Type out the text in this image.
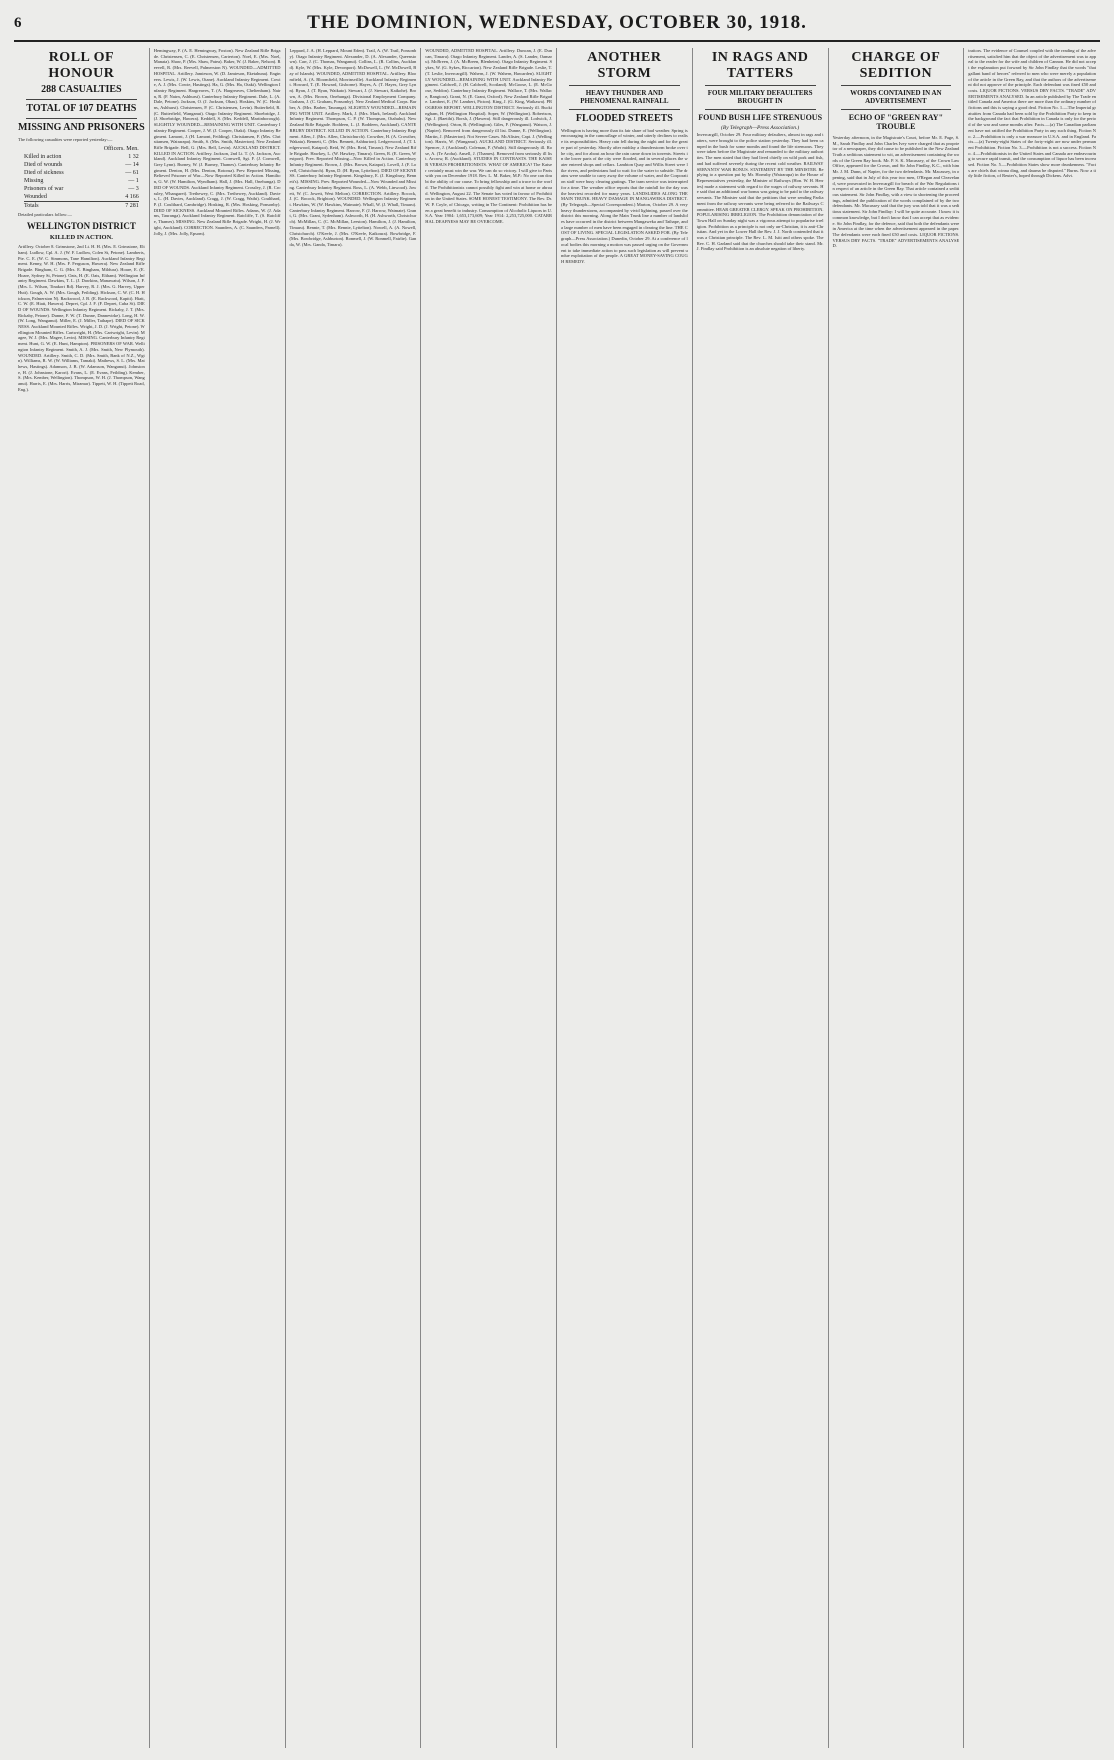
6	THE DOMINION, WEDNESDAY, OCTOBER 30, 1918.
ROLL OF HONOUR
288 CASUALTIES
TOTAL OF 107 DEATHS
MISSING AND PRISONERS
The following casualties were reported yesterday:—
Officers. Men.
Killed in action	1 32
Died of wounds	— 14
Died of sickness	— 61
Missing	— 1
Prisoners of war	— 3
Wounded	4 166
Totals	7 281
Detailed particulars follow:—
WELLINGTON DISTRICT
KILLED IN ACTION.
Artillery. October 8. Grimstone, 2nd Lt. H. H. (Mrs. E. Grimstone, Eltham). Ludlow, Cpl. A. J. (W. F. Ludlow, Colen St, Petone). Lamberts, Pte. C. E. (W. C. Simmons, Tane Hamilton). Auckland Infantry Regiment. Kenny, W. H. (Mrs. F. Ferguson, Huwera). New Zealand Rifle Brigade. Bingham, C. G. (Mrs. E. Bingham, Mildura). Hoare, E. (E. Hoare, Sydney St, Petone). Oats, H. (E. Oats, Eltham). Wellington Infantry Regiment. Dawkins, T. L. (J. Dawkins, Manawatu). Wilson, J. F. (Mrs. L. Wilson, Tinakori Rd). Harvey, R. J. (Mrs. G. Harvey, Upper Hutt). Gough, A. W. (Mrs. Gough, Feilding). Hickson, C. W. (C. H. Hickson, Palmerston N). Rackwood, J. B. (E. Rackwood, Kapiti). Hiatt, C. W. (E. Hiatt, Hawera). Depret, Cpl. J. F. (F. Depret, Cuba St). DIED OF WOUNDS. Wellington Infantry Regiment. Rickaby, J. T. (Mrs. Rickaby, Petone). Dunne, F. W. (T. Dunne, Dannevirke). Long, H. W. (W. Long, Wanganui). Miller, E. (J. Miller, Taihape). DIED OF SICKNESS. Auckland Mounted Rifles. Wright, J. D. (J. Wright, Petone). Wellington Mounted Rifles. Cartwright, H. (Mrs. Cartwright, Levin). Magee, W. J. (Mrs. Magee, Levin). MISSING. Canterbury Infantry Regiment. Hunt, G. W. (E. Hunt, Hampton). PRISONERS OF WAR. Wellington Infantry Regiment. Smith, A. J. (Mrs. Smith, New Plymouth). WOUNDED. Artillery. Smith, C. D. (Mrs. Smith, Bank of N.Z., Wgtn). Williams, R. W. (W. Williams, Tamaki). Mathews, S. L. (Mrs. Mathews, Hastings). Adamson, J. B. (W. Adamson, Wanganui). Johnstone, H. (J. Johnstone, Karori). Evans, L. (E. Evans, Feilding). Kember, S. (Mrs. Kember, Wellington). Thompson, W. H. (J. Thompson, Wanganui). Harris, E. (Mrs. Harris, Miramar). Tippett, W. H. (Tippett Road, Eng.).
Hemingway, F. (A. E. Hemingway, Foxton). New Zealand Rifle Brigade. Christensen, C. (E. Christensen, Carterton). Noel, E. (Mrs. Noel, Manaia). Shaw, P. (Mrs. Shaw, Patea). Baker, W. (J. Baker, Nelson). Reevell, R. (Mrs. Reevell, Palmerston N). WOUNDED—ADMITTED HOSPITAL. Artillery. Jamieson, W. (D. Jamieson, Eketahuna). Engineers. Lewis, J. (W. Lewis, Otane). Auckland Infantry Regiment. Cowie, A. J. (Mrs. Cowie, Hastings). Ha, G. (Mrs. Ha, Otaki). Wellington Infantry Regiment. Hargreaves, T. (A. Hargreaves, Cheltenham). Nairn, R. (F. Nairn, Ashhurst). Canterbury Infantry Regiment. Dale, L. (A. Dale, Petone). Jackson, O. (J. Jackson, Ohau). Hoskins, W. (C. Hoskins, Ashhurst). Christensen, P. (C. Christensen, Levin). Butterfield, R. (C. Butterfield, Wanganui). Otago Infantry Regiment. Shoebridge, J. (J. Shoebridge, Hawera). Keddell, S. (Mrs. Keddell, Martinborough). SLIGHTLY WOUNDED—REMAINING WITH UNIT. Canterbury Infantry Regiment. Cooper, J. W. (J. Cooper, Otaki). Otago Infantry Regiment. Lamont, J. (H. Lamont, Feilding). Christiansen, F. (Mrs. Christiansen, Wairarapa). Smith, S. (Mrs. Smith, Masterton). New Zealand Rifle Brigade. Bell, G. (Mrs. Bell, Levin). AUCKLAND DISTRICT. KILLED IN ACTION. Artillery. Jackson, 2nd Lt. T. (A. Jackson, Auckland). Auckland Infantry Regiment. Cornwell, Sgt. F. (J. Cornwell, Grey Lynn). Burney, W. (J. Burney, Thames). Canterbury Infantry Regiment. Denton, H. (Mrs. Denton, Rotorua). Prev. Reported Missing, Believed Prisoner of War—Now Reported Killed in Action. Hamilton, G. W. (W. Hamilton, Wyndham). Hall, J. (Mrs. Hall, Onehunga). DIED OF WOUNDS. Auckland Infantry Regiment. Crossley, J. (R. Crossley, Whangarei). Trethewey, C. (Mrs. Trethewey, Auckland). Davies, L. (H. Davies, Auckland). Cragg, J. (W. Cragg, Waihi). Coulthard, P. (J. Coulthard, Cambridge). Hosking, R. (Mrs. Hosking, Ponsonby). DIED OF SICKNESS. Auckland Mounted Rifles. Adams, W. (J. Adams, Tauranga). Auckland Infantry Regiment. Ratcliffe, T. (S. Ratcliffe, Thames). MISSING. New Zealand Rifle Brigade. Wright, H. (J. Wright, Auckland). CORRECTION. Saunders, A. (C. Saunders, Parnell). Jolly, J. (Mrs. Jolly, Epsom).
Leppard, J. A. (H. Leppard, Mount Eden). Trail, A. (W. Trail, Ponsonby). Otago Infantry Regiment. Alexander, D. (A. Alexander, Queenstown). Carr, J. (C. Thomas, Wanganui). Collins, L. (R. Collins, Auckland). Kyle, W. (Mrs. Kyle, Devonport). McDowell, L. (W. McDowell, Bay of Islands). WOUNDED, ADMITTED HOSPITAL. Artillery. Bloomfield, A. (A. Bloomfield, Morrinsville). Auckland Infantry Regiment. Howard, T. (E. Howard, Gisborne). Hayes, A. (T. Hayes, Grey Lynn). Ryan, J. (T. Ryan, Waikato). Stewart, J. (J. Stewart, Kaikohe). Brown, A. (Mrs. Brown, Onehunga). Divisional Employment Company. Graham, J. (C. Graham, Ponsonby). New Zealand Medical Corps. Barber, A. (Mrs. Barber, Tauranga). SLIGHTLY WOUNDED—REMAINING WITH UNIT. Artillery. Mark, J. (Mrs. Mark, Ireland). Auckland Infantry Regiment. Thompson, C. P. (W. Thompson, Otahuhu). New Zealand Rifle Brigade. Boddeen, L. (J. Boddeen, Auckland). CANTERBURY DISTRICT. KILLED IN ACTION. Canterbury Infantry Regiment. Allen, J. (Mrs. Allen, Christchurch). Crowther, H. (A. Crowther, Wakatu). Bennett, C. (Mrs. Bennett, Ashburton). Ledgerwood, J. (T. Ledgerwood, Kaiapoi). Reid, W. (Mrs. Reid, Timaru). New Zealand Rifle Brigade. Hawkey, L. (W. Hawkey, Timaru). Green, R. (E. Green, Westport). Prev. Reported Missing—Now Killed in Action. Canterbury Infantry Regiment. Brown, J. (Mrs. Brown, Kaiapoi). Lovell, J. (F. Lovell, Christchurch). Ryan, D. (H. Ryan, Lyttelton). DIED OF SICKNESS. Canterbury Infantry Regiment. Kingsbury, E. (J. Kingsbury, Bennett's). MISSING. Prev. Reported Wounded—Now Wounded and Missing. Canterbury Infantry Regiment. Ross, L. (A. Webb, Linwood). Jowett, W. (C. Jowett, West Melton). CORRECTION. Artillery. Bocock, J. (C. Bocock, Brighton). WOUNDED. Wellington Infantry Regiment. Hawkins, W. (W. Hawkins, Waimate). Whall, W. (J. Whall, Timaru). Canterbury Infantry Regiment. Harrow, F. (J. Harrow, Waimate). Grant, G. (Mrs. Grant, Sydenham). Ashworth, H. (H. Ashworth, Christchurch). McMillan, C. (C. McMillan, Leeston). Hamilton, J. (J. Hamilton, Timaru). Rennie, T. (Mrs. Rennie, Lyttelton). Nowell, A. (A. Nowell, Christchurch). O'Keefe, J. (Mrs. O'Keefe, Kaikoura). Bowbridge, F. (Mrs. Bowbridge, Ashburton). Ronmell, J. (W. Ronmell, Fairlie). Ganda, W. (Mrs. Ganda, Timaru).
WOUNDED, ADMITTED HOSPITAL. Artillery. Duncan, J. (E. Duncan, Timaru). Otago Infantry Regiment. Lander, A. (S. Lander, Oamaru). McBreen, J. (A. McBreen, Blenheim). Otago Infantry Regiment. Sykes, W. (G. Sykes, Riccarton). New Zealand Rifle Brigade. Leslie, T. (T. Leslie, Invercargill). Wahern, J. (W. Wahern, Hawarden). SLIGHTLY WOUNDED—REMAINING WITH UNIT. Auckland Infantry Regiment. Caldwell, J. (H. Caldwell, Scotland). McGoose, L. (E. McGoose, Seddon). Canterbury Infantry Regiment. Wallace, T. (Mrs. Wallace, Rangiora). Grant, N. (E. Grant, Oxford). New Zealand Rifle Brigade. Lambert, E. (W. Lambert, Picton). King, J. (G. King, Waikawa). PROGRESS REPORT. WELLINGTON DISTRICT. Seriously ill. Buckingham, H. (Wellington Hospital). Soper, W. (Wellington). Robertson, Sgt. J. (Raetihi). Borsh, J. (Hawera). Still dangerously ill. Lodwick, J. (Wellington). Orton, R. (Wellington). Giles, F. (Wanganui). Watson, J. (Napier). Removed from dangerously ill list. Dunne, E. (Wellington). Martin, J. (Masterton). Not Severe Cases. McAlister, Capt. J. (Wellington). Harris, W. (Wanganui). AUCKLAND DISTRICT. Seriously ill. Spencer, J. (Auckland). Coleman, F. (Waihi). Still dangerously ill. Rose, A. (Te Aroha). Ansell, J. (Thames). Removed from seriously ill list. Arcrow, R. (Auckland). STUDIES IN CONTRASTS. THE KAISER VERSUS PROHIBITIONISTS. WHAT OF AMERICA? The Kaiser certainly must win the war. We can do so victory. I will give to Paris with you on December 1918. Rev. L. M. Baker, M.P.: No one can doubt the ability of our cause. To bring fellowship and a truce to the world. The Prohibitionists cannot possibly fight and win at home or abroad. Wellington, August 22. The Senate has voted in favour of Prohibition in the United States. SOME HONEST TESTIMONY. The Rev. Dr. W. P. Coyle, of Chicago, writing in The Continent: Prohibition has been a great benefit to industry. Consumption of Alcoholic Liquors in U.S.A. Year 1904: 1,653,173,609; Year 1914: 2,253,725,000. CATARRHAL DEAFNESS MAY BE OVERCOME.
ANOTHER STORM
HEAVY THUNDER AND PHENOMENAL RAINFALL
FLOODED STREETS
Wellington is having more than its fair share of bad weather. Spring is encouraging in the camouflage of winter, and utterly declines to realise its responsibilities. Heavy rain fell during the night and for the greater part of yesterday. Shortly after midday a thunderstorm broke over the city, and for about an hour the rain came down in torrents. Streets in the lower parts of the city were flooded, and in several places the water entered shops and cellars. Lambton Quay and Willis Street were like rivers, and pedestrians had to wait for the water to subside. The drains were unable to carry away the volume of water, and the Corporation staff were busy clearing gratings. The tram service was interrupted for a time. The weather office reports that the rainfall for the day was the heaviest recorded for many years. LANDSLIDES ALONG THE MAIN TRUNK. HEAVY DAMAGE IN MANGAWEKA DISTRICT. (By Telegraph—Special Correspondent.) Marton, October 29. A very heavy thunderstorm, accompanied by vivid lightning, passed over the district this morning. Along the Main Trunk line a number of landslides have occurred in the district between Mangaweka and Taihape, and a large number of men have been engaged in clearing the line. THE COST OF LIVING. SPECIAL LEGISLATION ASKED FOR. (By Telegraph—Press Association.) Dunedin, October 29. At a conference of local bodies this morning a motion was passed urging on the Government to take immediate action to pass such legislation as will prevent undue exploitation of the people. A GREAT MONEY-SAVING COUGH REMEDY.
IN RAGS AND TATTERS
FOUR MILITARY DEFAULTERS BROUGHT IN
FOUND BUSH LIFE STRENUOUS
(By Telegraph—Press Association.)
Invercargill, October 29. Four military defaulters, almost in rags and tatters, were brought to the police station yesterday. They had been camped in the bush for some months and found the life strenuous. They were taken before the Magistrate and remanded to the military authorities. The men stated that they had lived chiefly on wild pork and fish, and had suffered severely during the recent cold weather. RAILWAY SERVANTS' WAR BONUS. STATEMENT BY THE MINISTER. Replying to a question put by Mr. Hornsby (Wairarapa) in the House of Representatives yesterday, the Minister of Railways (Hon. W. H. Herries) made a statement with regard to the wages of railway servants. He said that an additional war bonus was going to be paid to the railway servants. The Minister said that the petitions that were sending Parliament from the railway servants were being referred to the Railways Committee. HEAR GREATER CLERGY. SPEAK ON PROHIBITION. POPULARISING IRRELIGION. The Prohibition denunciation of the Town Hall on Sunday night was a vigorous attempt to popularise irreligion. Prohibition as a principle is not only un-Christian, it is anti-Christian. And yet in the Lower Hall the Rev. J. J. North contended that it was a Christian principle. The Rev. L. M. Isitt and others spoke. The Rev. C. H. Garland said that the churches should take their stand. Mr. J. Findlay said Prohibition is an absolute negation of liberty.
CHARGE OF SEDITION
WORDS CONTAINED IN AN ADVERTISEMENT
ECHO OF "GREEN RAY" TROUBLE
Yesterday afternoon, in the Magistrate's Court, before Mr. E. Page, S.M., Sarah Findlay and John Charles Ivey were charged that as proprietor of a newspaper, they did cause to be published in the New Zealand Truth a seditious statement to wit, an advertisement containing the words of the Green Ray book. Mr. P. S. K. Macassey, of the Crown Law Office, appeared for the Crown, and Sir John Findlay, K.C., with him Mr. J. M. Dunn, of Napier, for the two defendants. Mr. Macassey, in opening, said that in July of this year two men, O'Regan and Cleaveland, were prosecuted in Invercargill for breach of the War Regulations in respect of an article in the Green Ray. That article contained a seditious statement. Sir John Findlay, with a view to shortening the proceedings, admitted the publication of the words complained of by the two defendants. Mr. Macassey said that the jury was told that it was a seditious statement. Sir John Findlay: I will be quite accurate. I know it is common knowledge, but I don't know that I can accept that as evidence. Sir John Findlay, for the defence, said that both the defendants were in America at the time when the advertisement appeared in the paper. The defendants were each fined £50 and costs. LIQUOR FICTIONS. VERSUS DRY FACTS. "TRADE" ADVERTISEMENTS ANALYSED.
traitors. The evidence of Counsel coupled with the reading of the advertisement, satisfied him that the object of the advertisement was to appeal to the reader for the wife and children of Cannon. He did not accept the explanation put forward by Sir John Findlay that the words "that gallant band of heroes" referred to men who were merely a population of the article in the Green Ray, and that the authors of the advertisement did not approve of the principle. Each defendant was fined £50 and costs. LIQUOR FICTIONS. VERSUS DRY FACTS. "TRADE" ADVERTISEMENTS ANALYSED. In an article published by The Trade entitled Canada and America there are more than the ordinary number of fictions and this is saying a good deal. Fiction No. 1.—The Imperial gratuities from Canada had been sold by the Prohibition Party to keep in the background the fact that Prohibition in Canada is only for the period of the war and some months after. Facts.—(a) The Canadian parliament have not ratified the Prohibition Party in any such thing. Fiction No. 2.—Prohibition is only a war measure in U.S.A. and in England. Facts.—(a) Twenty-eight States of the forty-eight are now under permanent Prohibition. Fiction No. 3.—Prohibition is not a success. Fiction No. 4.—Prohibitionists in the United States and Canada are endeavouring to secure rapid transit, and the consumption of liquor has been increased. Fiction No. 5.—Prohibition States show more drunkenness. "Facts are chiels that winna ding, and daurna be disputed." Burns. Now a tidy little fiction, of Reuter's, hoped through Dickens. Advt.
